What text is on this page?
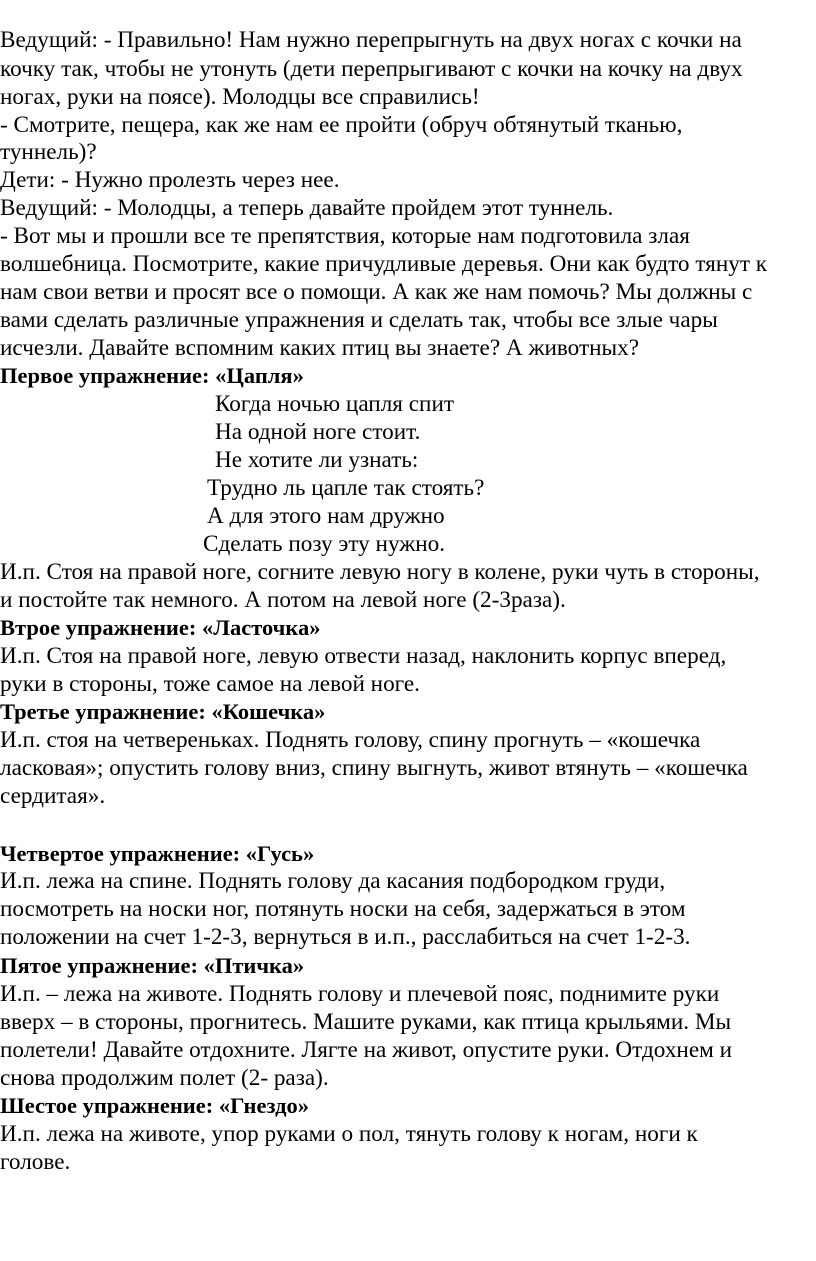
Ведущий: - Правильно! Нам нужно перепрыгнуть на двух ногах с кочки на
кочку так, чтобы не утонуть (дети перепрыгивают с кочки на кочку на двух
ногах, руки на поясе). Молодцы все справились!
- Смотрите, пещера, как же нам ее пройти (обруч обтянутый тканью,
туннель)?
Дети: - Нужно пролезть через нее.
Ведущий: - Молодцы, а теперь давайте пройдем этот туннель.
- Вот мы и прошли все те препятствия, которые нам подготовила злая
волшебница. Посмотрите, какие причудливые деревья. Они как будто тянут к
нам свои ветви и просят все о помощи. А как же нам помочь? Мы должны с
вами сделать различные упражнения и сделать так, чтобы все злые чары
исчезли. Давайте вспомним каких птиц вы знаете? А животных?
Первое упражнение: «Цапля»
Когда ночью цапля спит
На одной ноге стоит.
Не хотите ли узнать:
Трудно ль цапле так стоять?
А для этого нам дружно
Сделать позу эту нужно.
И.п. Стоя на правой ноге, согните левую ногу в колене, руки чуть в стороны,
и постойте так немного. А потом на левой ноге (2-3раза).
Втрое упражнение: «Ласточка»
И.п. Стоя на правой ноге, левую отвести назад, наклонить корпус вперед,
руки в стороны, тоже самое на левой ноге.
Третье упражнение: «Кошечка»
И.п. стоя на четвереньках. Поднять голову, спину прогнуть – «кошечка
ласковая»; опустить голову вниз, спину выгнуть, живот втянуть – «кошечка
сердитая».
Четвертое упражнение: «Гусь»
И.п. лежа на спине. Поднять голову да касания подбородком груди,
посмотреть на носки ног, потянуть носки на себя, задержаться в этом
положении на счет 1-2-3, вернуться в и.п., расслабиться на счет 1-2-3.
Пятое упражнение: «Птичка»
И.п. – лежа на животе. Поднять голову и плечевой пояс, поднимите руки
вверх – в стороны, прогнитесь. Машите руками, как птица крыльями. Мы
полетели! Давайте отдохните. Лягте на живот, опустите руки. Отдохнем и
снова продолжим полет (2- раза).
Шестое упражнение: «Гнездо»
И.п. лежа на животе, упор руками о пол, тянуть голову к ногам, ноги к
голове.
